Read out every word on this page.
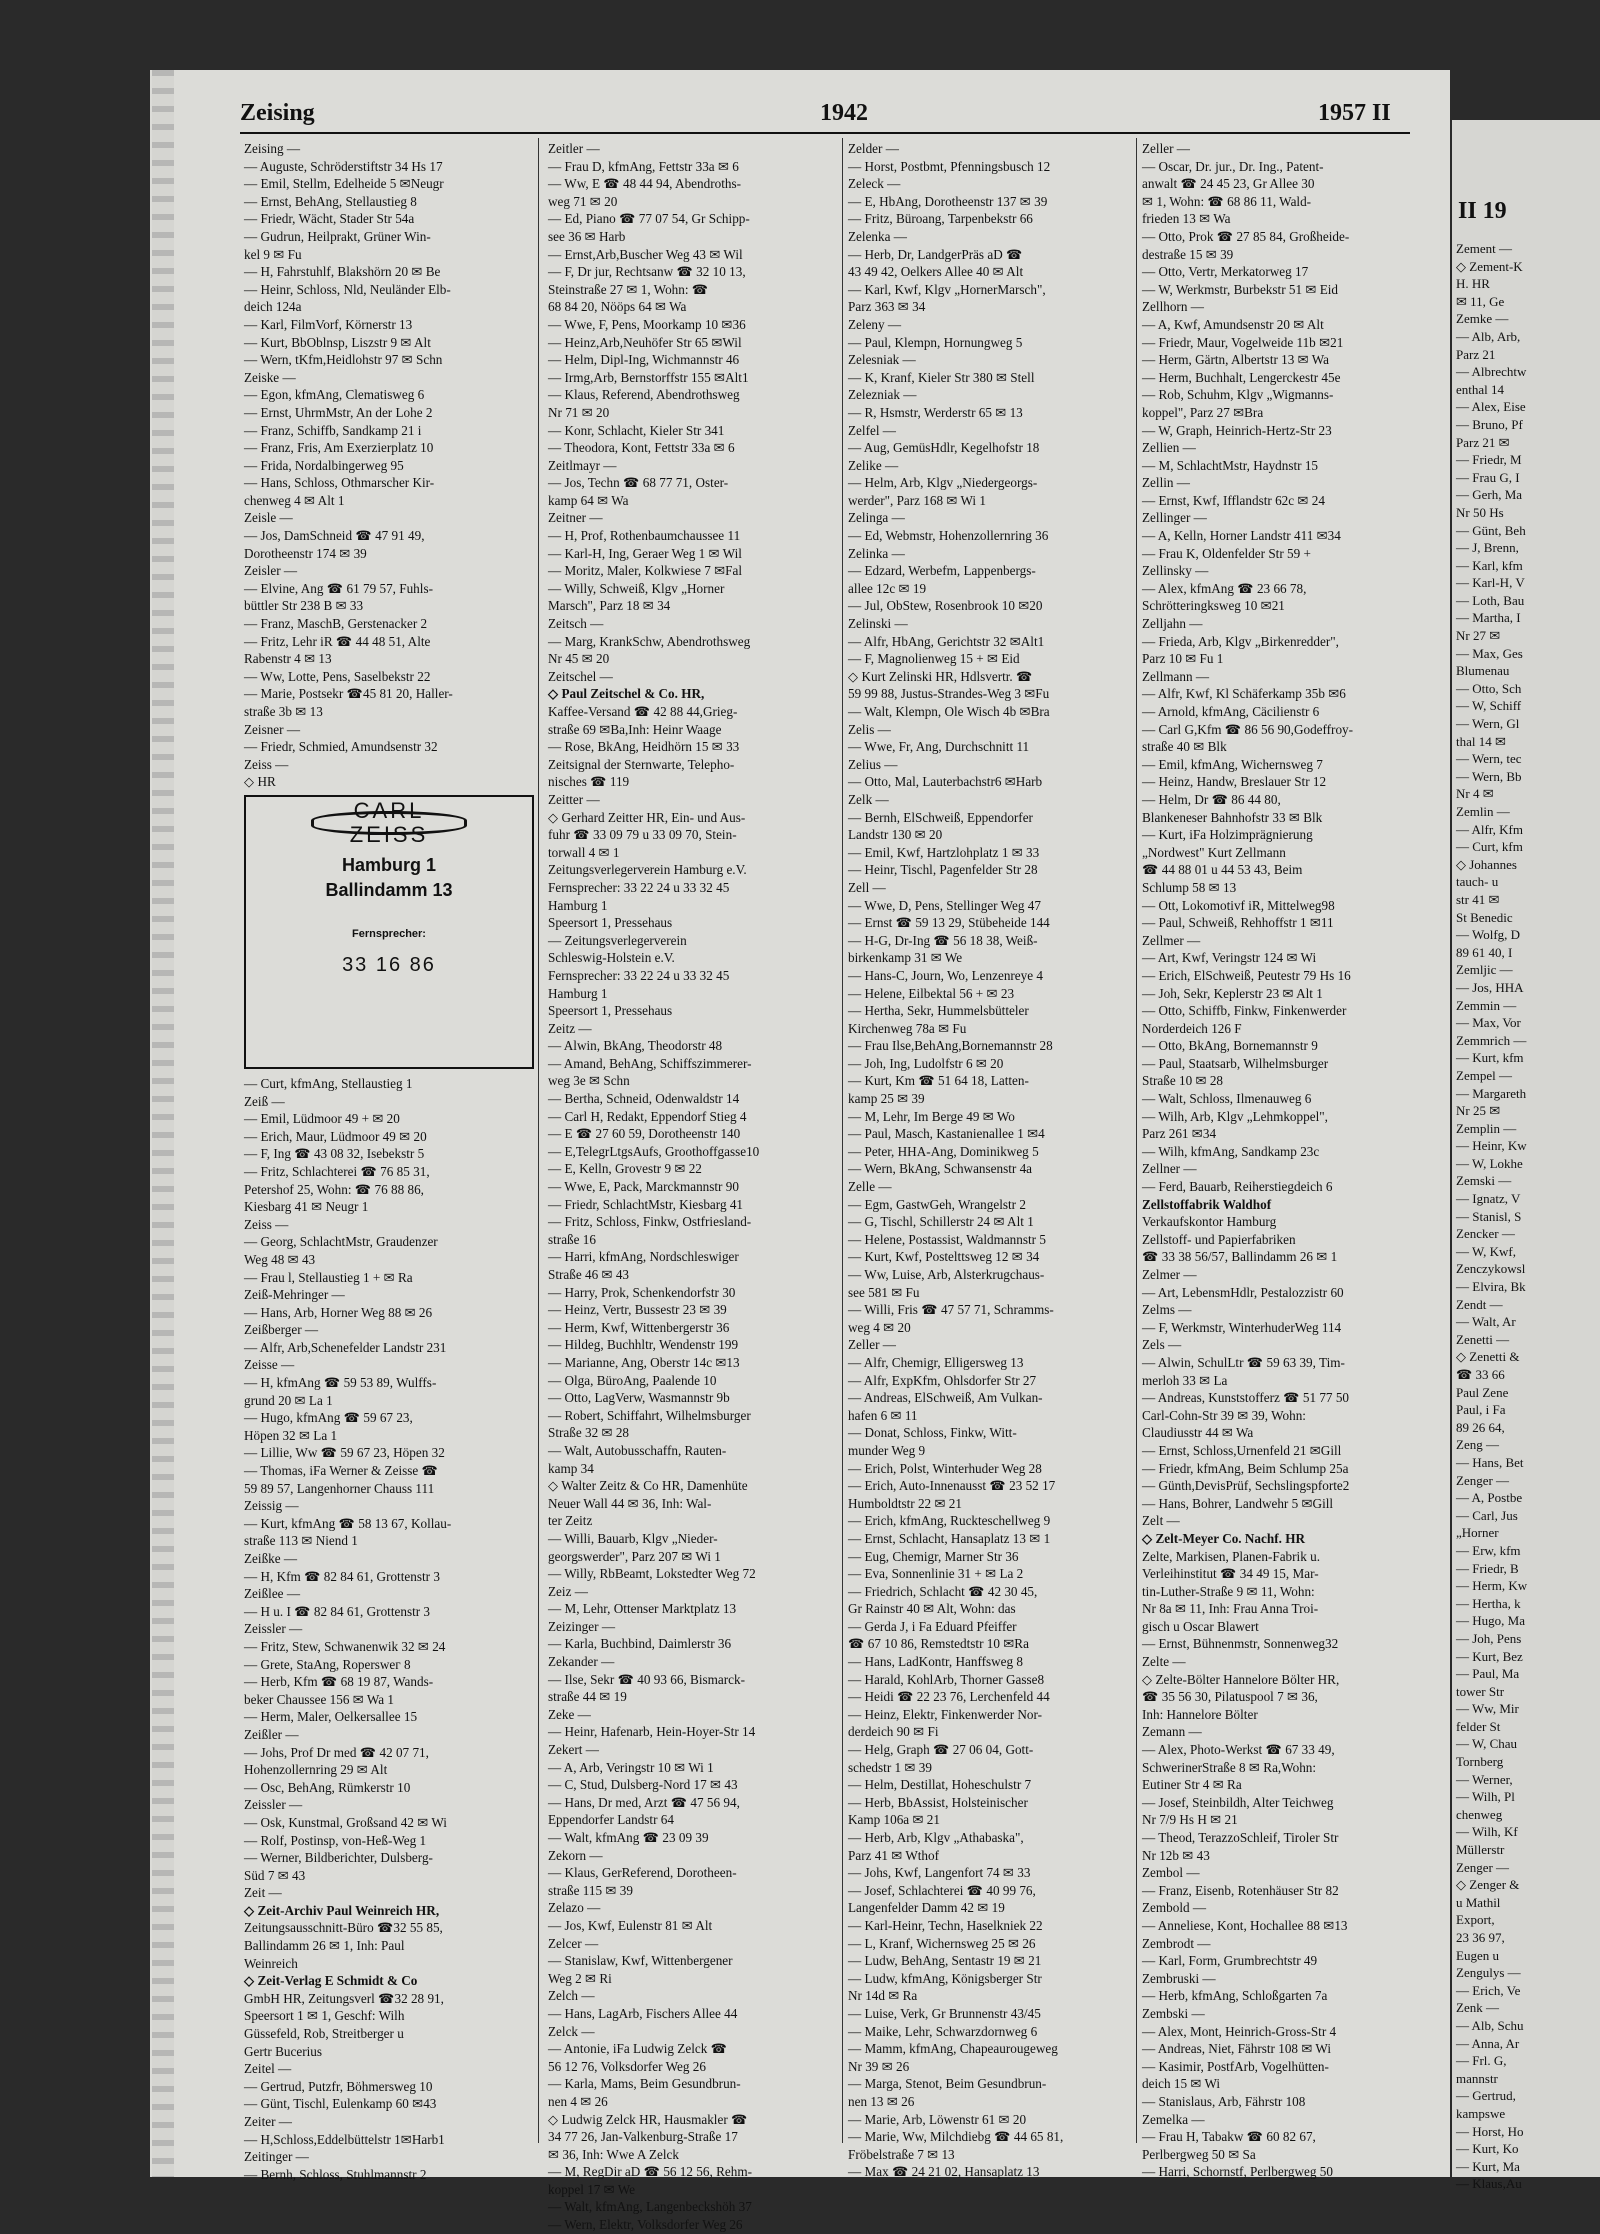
II 19
Zement —
◇ Zement-K
H. HR
✉ 11, Ge
Zemke —
— Alb, Arb,
Parz 21
— Albrechtw
enthal 14
— Alex, Eise
— Bruno, Pf
Parz 21 ✉
— Friedr, M
— Frau G, I
— Gerh, Ma
Nr 50 Hs
— Günt, Beh
— J, Brenn,
— Karl, kfm
— Karl-H, V
— Loth, Bau
— Martha, I
Nr 27 ✉
— Max, Ges
Blumenau
— Otto, Sch
— W, Schiff
— Wern, Gl
thal 14 ✉
— Wern, tec
— Wern, Bb
Nr 4 ✉
Zemlin —
— Alfr, Kfm
— Curt, kfm
◇ Johannes
tauch- u
str 41 ✉
St Benedic
— Wolfg, D
89 61 40, I
Zemljic —
— Jos, HHA
Zemmin —
— Max, Vor
Zemmrich —
— Kurt, kfm
Zempel —
— Margareth
Nr 25 ✉
Zemplin —
— Heinr, Kw
— W, Lokhe
Zemski —
— Ignatz, V
— Stanisl, S
Zencker —
— W, Kwf,
Zenczykowsl
— Elvira, Bk
Zendt —
— Walt, Ar
Zenetti —
◇ Zenetti &
☎ 33 66
Paul Zene
Paul, i Fa
89 26 64,
Zeng —
— Hans, Bet
Zenger —
— A, Postbe
— Carl, Jus
„Horner
— Erw, kfm
— Friedr, B
— Herm, Kw
— Hertha, k
— Hugo, Ma
— Joh, Pens
— Kurt, Bez
— Paul, Ma
tower Str
— Ww, Mir
felder St
— W, Chau
Tornberg
— Werner,
— Wilh, Pl
chenweg
— Wilh, Kf
Müllerstr
Zenger —
◇ Zenger &
u Mathil
Export,
23 36 97,
Eugen u
Zengulys —
— Erich, Ve
Zenk —
— Alb, Schu
— Anna, Ar
— Frl. G,
mannstr
— Gertrud,
kampswe
— Horst, Ho
— Kurt, Ko
— Kurt, Ma
— Klaus,Au
Zeising	1942	1957 II
Zeising —
— Auguste, Schröderstiftstr 34 Hs 17
— Emil, Stellm, Edelheide 5 ✉Neugr
— Ernst, BehAng, Stellaustieg 8
— Friedr, Wächt, Stader Str 54a
— Gudrun, Heilprakt, Grüner Win-
kel 9 ✉ Fu
— H, Fahrstuhlf, Blakshörn 20 ✉ Be
— Heinr, Schloss, Nld, Neuländer Elb-
deich 124a
— Karl, FilmVorf, Körnerstr 13
— Kurt, BbOblnsp, Liszstr 9 ✉ Alt
— Wern, tKfm,Heidlohstr 97 ✉ Schn
Zeiske —
— Egon, kfmAng, Clematisweg 6
— Ernst, UhrmMstr, An der Lohe 2
— Franz, Schiffb, Sandkamp 21 i
— Franz, Fris, Am Exerzierplatz 10
— Frida, Nordalbingerweg 95
— Hans, Schloss, Othmarscher Kir-
chenweg 4 ✉ Alt 1
Zeisle —
— Jos, DamSchneid ☎ 47 91 49,
Dorotheenstr 174 ✉ 39
Zeisler —
— Elvine, Ang ☎ 61 79 57, Fuhls-
büttler Str 238 B ✉ 33
— Franz, MaschB, Gerstenacker 2
— Fritz, Lehr iR ☎ 44 48 51, Alte
Rabenstr 4 ✉ 13
— Ww, Lotte, Pens, Saselbekstr 22
— Marie, Postsekr ☎45 81 20, Haller-
straße 3b ✉ 13
Zeisner —
— Friedr, Schmied, Amundsenstr 32
Zeiss —
◇ HR
CARL
ZEISS
Hamburg 1
Ballindamm 13
Fernsprecher:
33 16 86
— Curt, kfmAng, Stellaustieg 1
Zeiß —
— Emil, Lüdmoor 49 + ✉ 20
— Erich, Maur, Lüdmoor 49 ✉ 20
— F, Ing ☎ 43 08 32, Isebekstr 5
— Fritz, Schlachterei ☎ 76 85 31,
Petershof 25, Wohn: ☎ 76 88 86,
Kiesbarg 41 ✉ Neugr 1
Zeiss —
— Georg, SchlachtMstr, Graudenzer
Weg 48 ✉ 43
— Frau l, Stellaustieg 1 + ✉ Ra
Zeiß-Mehringer —
— Hans, Arb, Horner Weg 88 ✉ 26
Zeißberger —
— Alfr, Arb,Schenefelder Landstr 231
Zeisse —
— H, kfmAng ☎ 59 53 89, Wulffs-
grund 20 ✉ La 1
— Hugo, kfmAng ☎ 59 67 23,
Höpen 32 ✉ La 1
— Lillie, Ww ☎ 59 67 23, Höpen 32
— Thomas, iFa Werner & Zeisse ☎
59 89 57, Langenhorner Chauss 111
Zeissig —
— Kurt, kfmAng ☎ 58 13 67, Kollau-
straße 113 ✉ Niend 1
Zeißke —
— H, Kfm ☎ 82 84 61, Grottenstr 3
Zeißlee —
— H u. I ☎ 82 84 61, Grottenstr 3
Zeissler —
— Fritz, Stew, Schwanenwik 32 ✉ 24
— Grete, StaAng, Roperswег 8
— Herb, Kfm ☎ 68 19 87, Wands-
beker Chaussee 156 ✉ Wa 1
— Herm, Maler, Oelkersallee 15
Zeißler —
— Johs, Prof Dr med ☎ 42 07 71,
Hohenzollernring 29 ✉ Alt
— Osc, BehAng, Rümkerstr 10
Zeissler —
— Osk, Kunstmal, Großsand 42 ✉ Wi
— Rolf, Postinsp, von-Heß-Weg 1
— Werner, Bildberichter, Dulsberg-
Süd 7 ✉ 43
Zeit —
◇ Zeit-Archiv Paul Weinreich HR,
Zeitungsausschnitt-Büro ☎32 55 85,
Ballindamm 26 ✉ 1, Inh: Paul
Weinreich
◇ Zeit-Verlag E Schmidt & Co
GmbH HR, Zeitungsverl ☎32 28 91,
Speersort 1 ✉ 1, Geschf: Wilh
Güssefeld, Rob, Streitberger u
Gertr Bucerius
Zeitel —
— Gertrud, Putzfr, Böhmersweg 10
— Günt, Tischl, Eulenkamp 60 ✉43
Zeiter —
— H,Schloss,Eddelbüttelstr 1✉Harb1
Zeitinger —
— Bernh, Schloss, Stuhlmannstr 2
Zeitler —
— Frau D, kfmAng, Fettstr 33a ✉ 6
— Ww, E ☎ 48 44 94, Abendroths-
weg 71 ✉ 20
— Ed, Piano ☎ 77 07 54, Gr Schipp-
see 36 ✉ Harb
— Ernst,Arb,Buscher Weg 43 ✉ Wil
— F, Dr jur, Rechtsanw ☎ 32 10 13,
Steinstraße 27 ✉ 1, Wohn: ☎
68 84 20, Nööps 64 ✉ Wa
— Wwe, F, Pens, Moorkamp 10 ✉36
— Heinz,Arb,Neuhöfer Str 65 ✉Wil
— Helm, Dipl-Ing, Wichmannstr 46
— Irmg,Arb, Bernstorffstr 155 ✉Alt1
— Klaus, Referend, Abendrothsweg
Nr 71 ✉ 20
— Konr, Schlacht, Kieler Str 341
— Theodora, Kont, Fettstr 33a ✉ 6
Zeitlmayr —
— Jos, Techn ☎ 68 77 71, Oster-
kamp 64 ✉ Wa
Zeitner —
— H, Prof, Rothenbaumchaussee 11
— Karl-H, Ing, Geraer Weg 1 ✉ Wil
— Moritz, Maler, Kolkwiese 7 ✉Fal
— Willy, Schweiß, Klgv „Horner
Marsch", Parz 18 ✉ 34
Zeitsch —
— Marg, KrankSchw, Abendrothsweg
Nr 45 ✉ 20
Zeitschel —
◇ Paul Zeitschel & Co. HR,
Kaffee-Versand ☎ 42 88 44,Grieg-
straße 69 ✉Ba,Inh: Heinr Waage
— Rose, BkAng, Heidhörn 15 ✉ 33
Zeitsignal der Sternwarte, Telepho-
nisches ☎ 119
Zeitter —
◇ Gerhard Zeitter HR, Ein- und Aus-
fuhr ☎ 33 09 79 u 33 09 70, Stein-
torwall 4 ✉ 1
Zeitungsverlegerverein Hamburg e.V.
Fernsprecher: 33 22 24 u 33 32 45
Hamburg 1
Speersort 1, Pressehaus
— Zeitungsverlegerverein
Schleswig-Holstein e.V.
Fernsprecher: 33 22 24 u 33 32 45
Hamburg 1
Speersort 1, Pressehaus
Zeitz —
— Alwin, BkAng, Theodorstr 48
— Amand, BehAng, Schiffszimmerer-
weg 3e ✉ Schn
— Bertha, Schneid, Odenwaldstr 14
— Carl H, Redakt, Eppendorf Stieg 4
— E ☎ 27 60 59, Dorotheenstr 140
— E,TelegrLtgsAufs, Groothoffgasse10
— E, Kelln, Grovestr 9 ✉ 22
— Wwe, E, Pack, Marckmannstr 90
— Friedr, SchlachtMstr, Kiesbarg 41
— Fritz, Schloss, Finkw, Ostfriesland-
straße 16
— Harri, kfmAng, Nordschleswiger
Straße 46 ✉ 43
— Harry, Prok, Schenkendorfstr 30
— Heinz, Vertr, Bussestr 23 ✉ 39
— Herm, Kwf, Wittenbergerstr 36
— Hildeg, Buchhltr, Wendenstr 199
— Marianne, Ang, Oberstr 14c ✉13
— Olga, BüroAng, Paalende 10
— Otto, LagVerw, Wasmannstr 9b
— Robert, Schiffahrt, Wilhelmsburger
Straße 32 ✉ 28
— Walt, Autobusschaffn, Rauten-
kamp 34
◇ Walter Zeitz & Co HR, Damenhüte
Neuer Wall 44 ✉ 36, Inh: Wal-
ter Zeitz
— Willi, Bauarb, Klgv „Nieder-
georgswerder", Parz 207 ✉ Wi 1
— Willy, RbBeamt, Lokstedter Weg 72
Zeiz —
— M, Lehr, Ottenser Marktplatz 13
Zeizinger —
— Karla, Buchbind, Daimlerstr 36
Zekander —
— Ilse, Sekr ☎ 40 93 66, Bismarck-
straße 44 ✉ 19
Zeke —
— Heinr, Hafenarb, Hein-Hoyer-Str 14
Zekert —
— A, Arb, Veringstr 10 ✉ Wi 1
— C, Stud, Dulsberg-Nord 17 ✉ 43
— Hans, Dr med, Arzt ☎ 47 56 94,
Eppendorfer Landstr 64
— Walt, kfmAng ☎ 23 09 39
Zekorn —
— Klaus, GerReferend, Dorotheen-
straße 115 ✉ 39
Zelazo —
— Jos, Kwf, Eulenstr 81 ✉ Alt
Zelcer —
— Stanislaw, Kwf, Wittenbergener
Weg 2 ✉ Ri
Zelch —
— Hans, LagArb, Fischers Allee 44
Zelck —
— Antonie, iFa Ludwig Zelck ☎
56 12 76, Volksdorfer Weg 26
— Karla, Mams, Beim Gesundbrun-
nen 4 ✉ 26
◇ Ludwig Zelck HR, Hausmakler ☎
34 77 26, Jan-Valkenburg-Straße 17
✉ 36, Inh: Wwe A Zelck
— M, RegDir aD ☎ 56 12 56, Rehm-
koppel 17 ✉ We
— Walt, kfmAng, Langenbeckshöh 37
— Wern, Elektr, Volksdorfer Weg 26
Zelder —
— Horst, Postbmt, Pfenningsbusch 12
Zeleck —
— E, HbAng, Dorotheenstr 137 ✉ 39
— Fritz, Büroang, Tarpenbekstr 66
Zelenka —
— Herb, Dr, LandgerPräs aD ☎
43 49 42, Oelkers Allee 40 ✉ Alt
— Karl, Kwf, Klgv „HornerMarsch",
Parz 363 ✉ 34
Zeleny —
— Paul, Klempn, Hornungweg 5
Zelesniak —
— K, Kranf, Kieler Str 380 ✉ Stell
Zelezniak —
— R, Hsmstr, Werderstr 65 ✉ 13
Zelfel —
— Aug, GemüsHdlr, Kegelhofstr 18
Zelike —
— Helm, Arb, Klgv „Niedergeorgs-
werder", Parz 168 ✉ Wi 1
Zelinga —
— Ed, Webmstr, Hohenzollernring 36
Zelinka —
— Edzard, Werbefm, Lappenbergs-
allee 12c ✉ 19
— Jul, ObStew, Rosenbrook 10 ✉20
Zelinski —
— Alfr, HbAng, Gerichtstr 32 ✉Alt1
— F, Magnolienweg 15 + ✉ Eid
◇ Kurt Zelinski HR, Hdlsvertr. ☎
59 99 88, Justus-Strandes-Weg 3 ✉Fu
— Walt, Klempn, Ole Wisch 4b ✉Bra
Zelis —
— Wwe, Fr, Ang, Durchschnitt 11
Zelius —
— Otto, Mal, Lauterbachstr6 ✉Harb
Zelk —
— Bernh, ElSchweiß, Eppendorfer
Landstr 130 ✉ 20
— Emil, Kwf, Hartzlohplatz 1 ✉ 33
— Heinr, Tischl, Pagenfelder Str 28
Zell —
— Wwe, D, Pens, Stellinger Weg 47
— Ernst ☎ 59 13 29, Stübeheide 144
— H-G, Dr-Ing ☎ 56 18 38, Weiß-
birkenkamp 31 ✉ We
— Hans-C, Journ, Wo, Lenzenreye 4
— Helene, Eilbektal 56 + ✉ 23
— Hertha, Sekr, Hummelsbütteler
Kirchenweg 78a ✉ Fu
— Frau Ilse,BehAng,Bornemannstr 28
— Joh, Ing, Ludolfstr 6 ✉ 20
— Kurt, Km ☎ 51 64 18, Latten-
kamp 25 ✉ 39
— M, Lehr, Im Berge 49 ✉ Wo
— Paul, Masch, Kastanienallee 1 ✉4
— Peter, HHA-Ang, Dominikweg 5
— Wern, BkAng, Schwansenstr 4a
Zelle —
— Egm, GastwGeh, Wrangelstr 2
— G, Tischl, Schillerstr 24 ✉ Alt 1
— Helene, Postassist, Waldmannstr 5
— Kurt, Kwf, Postelttsweg 12 ✉ 34
— Ww, Luise, Arb, Alsterkrugchaus-
see 581 ✉ Fu
— Willi, Fris ☎ 47 57 71, Schramms-
weg 4 ✉ 20
Zeller —
— Alfr, Chemigr, Elligersweg 13
— Alfr, ExpKfm, Ohlsdorfer Str 27
— Andreas, ElSchweiß, Am Vulkan-
hafen 6 ✉ 11
— Donat, Schloss, Finkw, Witt-
munder Weg 9
— Erich, Polst, Winterhuder Weg 28
— Erich, Auto-Innenausst ☎ 23 52 17
Humboldtstr 22 ✉ 21
— Erich, kfmAng, Ruckteschellweg 9
— Ernst, Schlacht, Hansaplatz 13 ✉ 1
— Eug, Chemigr, Marner Str 36
— Eva, Sonnenlinie 31 + ✉ La 2
— Friedrich, Schlacht ☎ 42 30 45,
Gr Rainstr 40 ✉ Alt, Wohn: das
— Gerda J, i Fa Eduard Pfeiffer
☎ 67 10 86, Remstedtstr 10 ✉Ra
— Hans, LadKontr, Hanffsweg 8
— Harald, KohlArb, Thorner Gasse8
— Heidi ☎ 22 23 76, Lerchenfeld 44
— Heinz, Elektr, Finkenwerder Nor-
derdeich 90 ✉ Fi
— Helg, Graph ☎ 27 06 04, Gott-
schedstr 1 ✉ 39
— Helm, Destillat, Hoheschulstr 7
— Herb, BbAssist, Holsteinischer
Kamp 106a ✉ 21
— Herb, Arb, Klgv „Athabaska",
Parz 41 ✉ Wthof
— Johs, Kwf, Langenfort 74 ✉ 33
— Josef, Schlachterei ☎ 40 99 76,
Langenfelder Damm 42 ✉ 19
— Karl-Heinr, Techn, Haselkniek 22
— L, Kranf, Wichernsweg 25 ✉ 26
— Ludw, BehAng, Sentastr 19 ✉ 21
— Ludw, kfmAng, Königsberger Str
Nr 14d ✉ Ra
— Luise, Verk, Gr Brunnenstr 43/45
— Maike, Lehr, Schwarzdornweg 6
— Mamm, kfmAng, Chapeaurougeweg
Nr 39 ✉ 26
— Marga, Stenot, Beim Gesundbrun-
nen 13 ✉ 26
— Marie, Arb, Löwenstr 61 ✉ 20
— Marie, Ww, Milchdiebg ☎ 44 65 81,
Fröbelstraße 7 ✉ 13
— Max ☎ 24 21 02, Hansaplatz 13
Zeller —
— Oscar, Dr. jur., Dr. Ing., Patent-
anwalt ☎ 24 45 23, Gr Allee 30
✉ 1, Wohn: ☎ 68 86 11, Wald-
frieden 13 ✉ Wa
— Otto, Prok ☎ 27 85 84, Großheide-
destraße 15 ✉ 39
— Otto, Vertr, Merkatorweg 17
— W, Werkmstr, Burbekstr 51 ✉ Eid
Zellhorn —
— A, Kwf, Amundsenstr 20 ✉ Alt
— Friedr, Maur, Vogelweide 11b ✉21
— Herm, Gärtn, Albertstr 13 ✉ Wa
— Herm, Buchhalt, Lengerckestr 45e
— Rob, Schuhm, Klgv „Wigmanns-
koppel", Parz 27 ✉Bra
— W, Graph, Heinrich-Hertz-Str 23
Zellien —
— M, SchlachtMstr, Haydnstr 15
Zellin —
— Ernst, Kwf, Ifflandstr 62c ✉ 24
Zellinger —
— A, Kelln, Horner Landstr 411 ✉34
— Frau K, Oldenfelder Str 59 +
Zellinsky —
— Alex, kfmAng ☎ 23 66 78,
Schrötteringksweg 10 ✉21
Zelljahn —
— Frieda, Arb, Klgv „Birkenredder",
Parz 10 ✉ Fu 1
Zellmann —
— Alfr, Kwf, Kl Schäferkamp 35b ✉6
— Arnold, kfmAng, Cäcilienstr 6
— Carl G,Kfm ☎ 86 56 90,Godeffroy-
straße 40 ✉ Blk
— Emil, kfmAng, Wichernsweg 7
— Heinz, Handw, Breslauer Str 12
— Helm, Dr ☎ 86 44 80,
Blankeneser Bahnhofstr 33 ✉ Blk
— Kurt, iFa Holzimprägnierung
„Nordwest" Kurt Zellmann
☎ 44 88 01 u 44 53 43, Beim
Schlump 58 ✉ 13
— Ott, Lokomotivf iR, Mittelweg98
— Paul, Schweiß, Rehhoffstr 1 ✉11
Zellmer —
— Art, Kwf, Veringstr 124 ✉ Wi
— Erich, ElSchweiß, Peutestr 79 Hs 16
— Joh, Sekr, Keplerstr 23 ✉ Alt 1
— Otto, Schiffb, Finkw, Finkenwerder
Norderdeich 126 F
— Otto, BkAng, Bornemannstr 9
— Paul, Staatsarb, Wilhelmsburger
Straße 10 ✉ 28
— Walt, Schloss, Ilmenauweg 6
— Wilh, Arb, Klgv „Lehmkoppel",
Parz 261 ✉34
— Wilh, kfmAng, Sandkamp 23c
Zellner —
— Ferd, Bauarb, Reiherstiegdeich 6
Zellstoffabrik Waldhof
Verkaufskontor Hamburg
Zellstoff- und Papierfabriken
☎ 33 38 56/57, Ballindamm 26 ✉ 1
Zelmer —
— Art, LebensmHdlr, Pestalozzistr 60
Zelms —
— F, Werkmstr, WinterhuderWeg 114
Zels —
— Alwin, SchulLtr ☎ 59 63 39, Tim-
merloh 33 ✉ La
— Andreas, Kunststofferz ☎ 51 77 50
Carl-Cohn-Str 39 ✉ 39, Wohn:
Claudiusstr 44 ✉ Wa
— Ernst, Schloss,Urnenfeld 21 ✉Gill
— Friedr, kfmAng, Beim Schlump 25a
— Günth,DevisPrüf, Sechslingspforte2
— Hans, Bohrer, Landwehr 5 ✉Gill
Zelt —
◇ Zelt-Meyer Co. Nachf. HR
Zelte, Markisen, Planen-Fabrik u.
Verleihinstitut ☎ 34 49 15, Mar-
tin-Luther-Straße 9 ✉ 11, Wohn:
Nr 8a ✉ 11, Inh: Frau Anna Troi-
gisch u Oscar Blawert
— Ernst, Bühnenmstr, Sonnenweg32
Zelte —
◇ Zelte-Bölter Hannelore Bölter HR,
☎ 35 56 30, Pilatuspool 7 ✉ 36,
Inh: Hannelore Bölter
Zemann —
— Alex, Photo-Werkst ☎ 67 33 49,
SchwerinerStraße 8 ✉ Ra,Wohn:
Eutiner Str 4 ✉ Ra
— Josef, Steinbildh, Alter Teichweg
Nr 7/9 Hs H ✉ 21
— Theod, TerazzoSchleif, Tiroler Str
Nr 12b ✉ 43
Zembol —
— Franz, Eisenb, Rotenhäuser Str 82
Zembold —
— Anneliese, Kont, Hochallee 88 ✉13
Zembrodt —
— Karl, Form, Grumbrechtstr 49
Zembruski —
— Herb, kfmAng, Schloßgarten 7a
Zembski —
— Alex, Mont, Heinrich-Gross-Str 4
— Andreas, Niet, Fährstr 108 ✉ Wi
— Kasimir, PostfArb, Vogelhütten-
deich 15 ✉ Wi
— Stanislaus, Arb, Fährstr 108
Zemelka —
— Frau H, Tabakw ☎ 60 82 67,
Perlbergweg 50 ✉ Sa
— Harri, Schornstf, Perlbergweg 50
